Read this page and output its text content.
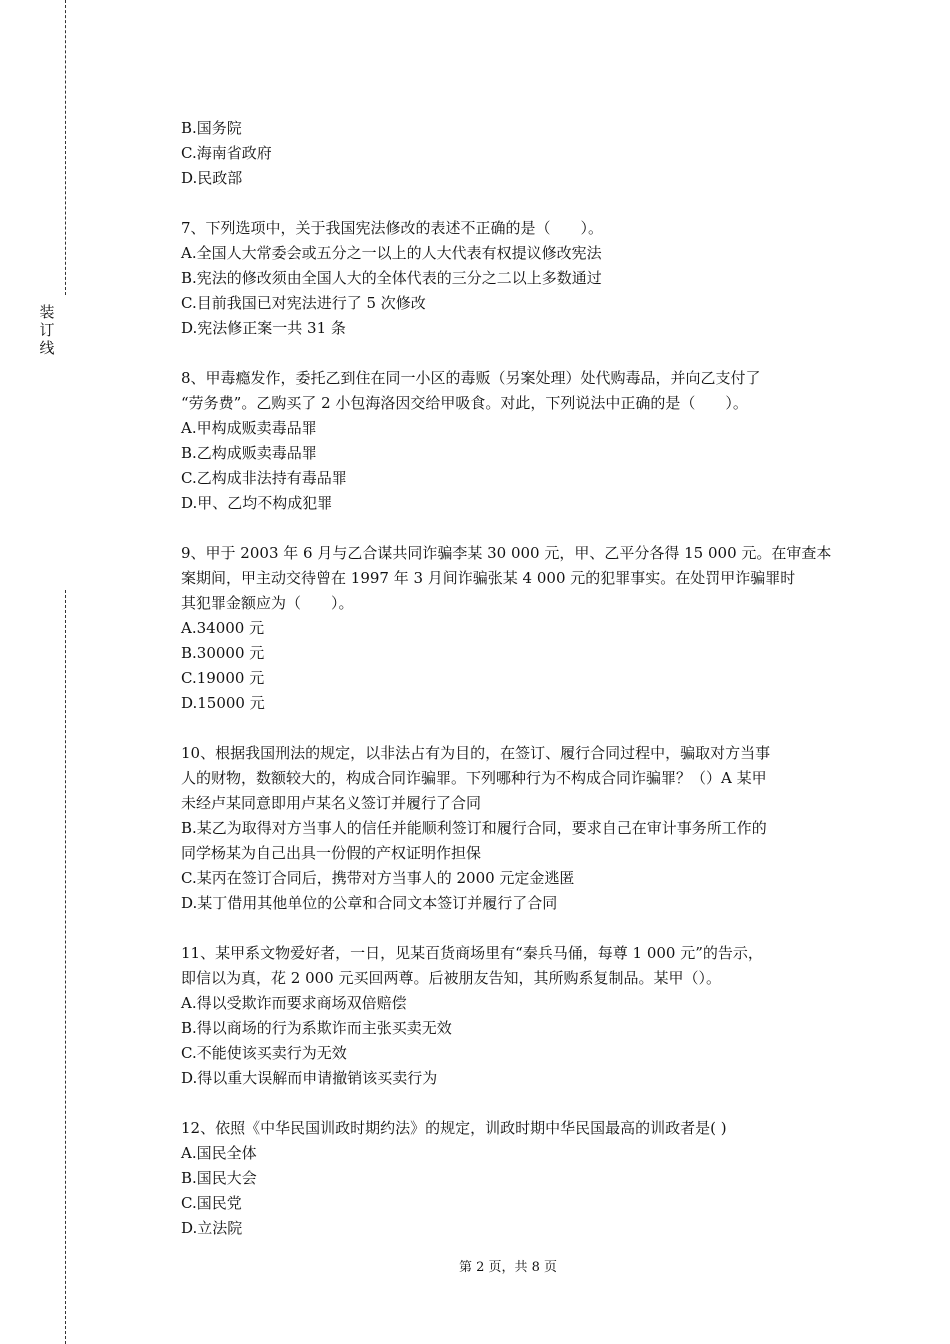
装
订
线
B.国务院
C.海南省政府
D.民政部
7、下列选项中，关于我国宪法修改的表述不正确的是（　　）。
A.全国人大常委会或五分之一以上的人大代表有权提议修改宪法
B.宪法的修改须由全国人大的全体代表的三分之二以上多数通过
C.目前我国已对宪法进行了 5 次修改
D.宪法修正案一共 31 条
8、甲毒瘾发作，委托乙到住在同一小区的毒贩（另案处理）处代购毒品，并向乙支付了
“劳务费”。乙购买了 2 小包海洛因交给甲吸食。对此，下列说法中正确的是（　　）。
A.甲构成贩卖毒品罪
B.乙构成贩卖毒品罪
C.乙构成非法持有毒品罪
D.甲、乙均不构成犯罪
9、甲于 2003 年 6 月与乙合谋共同诈骗李某 30 000 元，甲、乙平分各得 15 000 元。在审查本
案期间，甲主动交待曾在 1997 年 3 月间诈骗张某 4 000 元的犯罪事实。在处罚甲诈骗罪时
其犯罪金额应为（　　）。
A.34000 元
B.30000 元
C.19000 元
D.15000 元
10、根据我国刑法的规定，以非法占有为目的，在签订、履行合同过程中，骗取对方当事
人的财物，数额较大的，构成合同诈骗罪。下列哪种行为不构成合同诈骗罪？（）A 某甲
未经卢某同意即用卢某名义签订并履行了合同
B.某乙为取得对方当事人的信任并能顺利签订和履行合同，要求自己在审计事务所工作的
同学杨某为自己出具一份假的产权证明作担保
C.某丙在签订合同后，携带对方当事人的 2000 元定金逃匿
D.某丁借用其他单位的公章和合同文本签订并履行了合同
11、某甲系文物爱好者，一日，见某百货商场里有“秦兵马俑，每尊 1 000 元”的告示，
即信以为真，花 2 000 元买回两尊。后被朋友告知，其所购系复制品。某甲（）。
A.得以受欺诈而要求商场双倍赔偿
B.得以商场的行为系欺诈而主张买卖无效
C.不能使该买卖行为无效
D.得以重大误解而申请撤销该买卖行为
12、依照《中华民国训政时期约法》的规定，训政时期中华民国最高的训政者是( )
A.国民全体
B.国民大会
C.国民党
D.立法院
第 2 页，共 8 页
